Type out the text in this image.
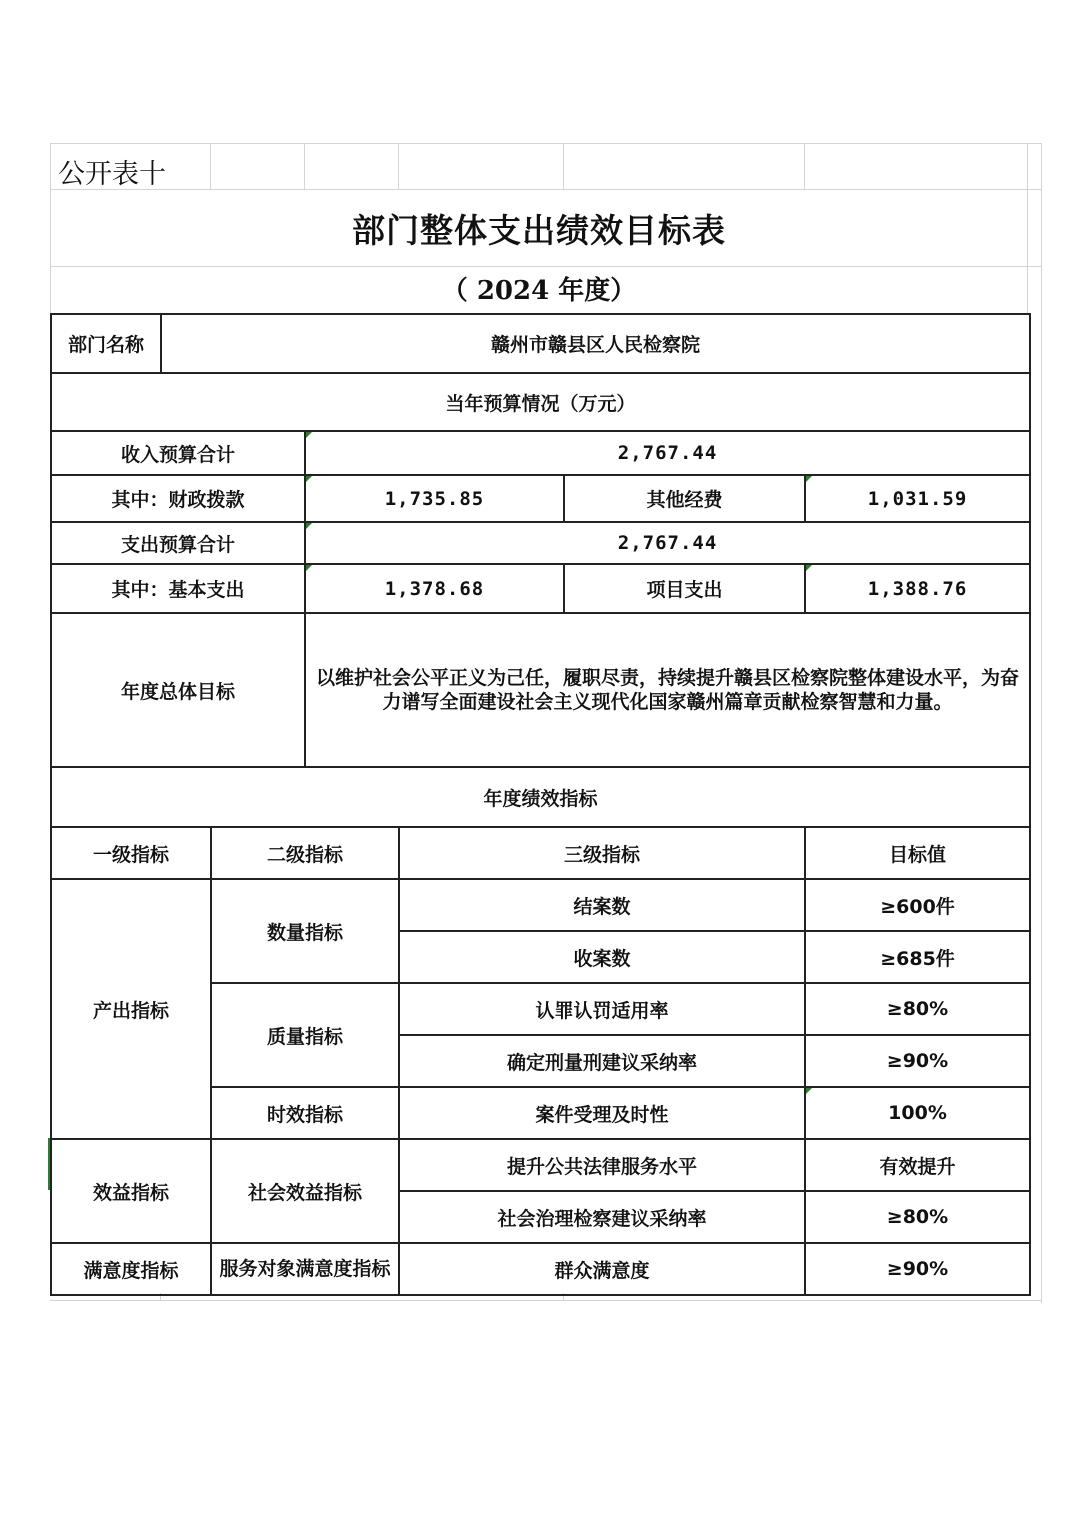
公开表十
部门整体支出绩效目标表
（ 2024 年度）
部门名称	赣州市赣县区人民检察院					
当年预算情况（万元）						
收入预算合计			2,767.44			
其中：财政拨款			1,735.85		其他经费	1,031.59
支出预算合计			2,767.44			
其中：基本支出			1,378.68		项目支出	1,388.76
年度总体目标			以维护社会公平正义为己任，履职尽责，持续提升赣县区检察院整体建设水平，为奋力谱写全面建设社会主义现代化国家赣州篇章贡献检察智慧和力量。			
年度绩效指标						
一级指标		二级指标		三级指标		目标值
产出指标		数量指标		结案数		≥600件
				收案数		≥685件
		质量指标		认罪认罚适用率		≥80%
				确定刑量刑建议采纳率		≥90%
		时效指标		案件受理及时性		100%
效益指标		社会效益指标		提升公共法律服务水平		有效提升
				社会治理检察建议采纳率		≥80%
满意度指标		服务对象满意度指标		群众满意度		≥90%
